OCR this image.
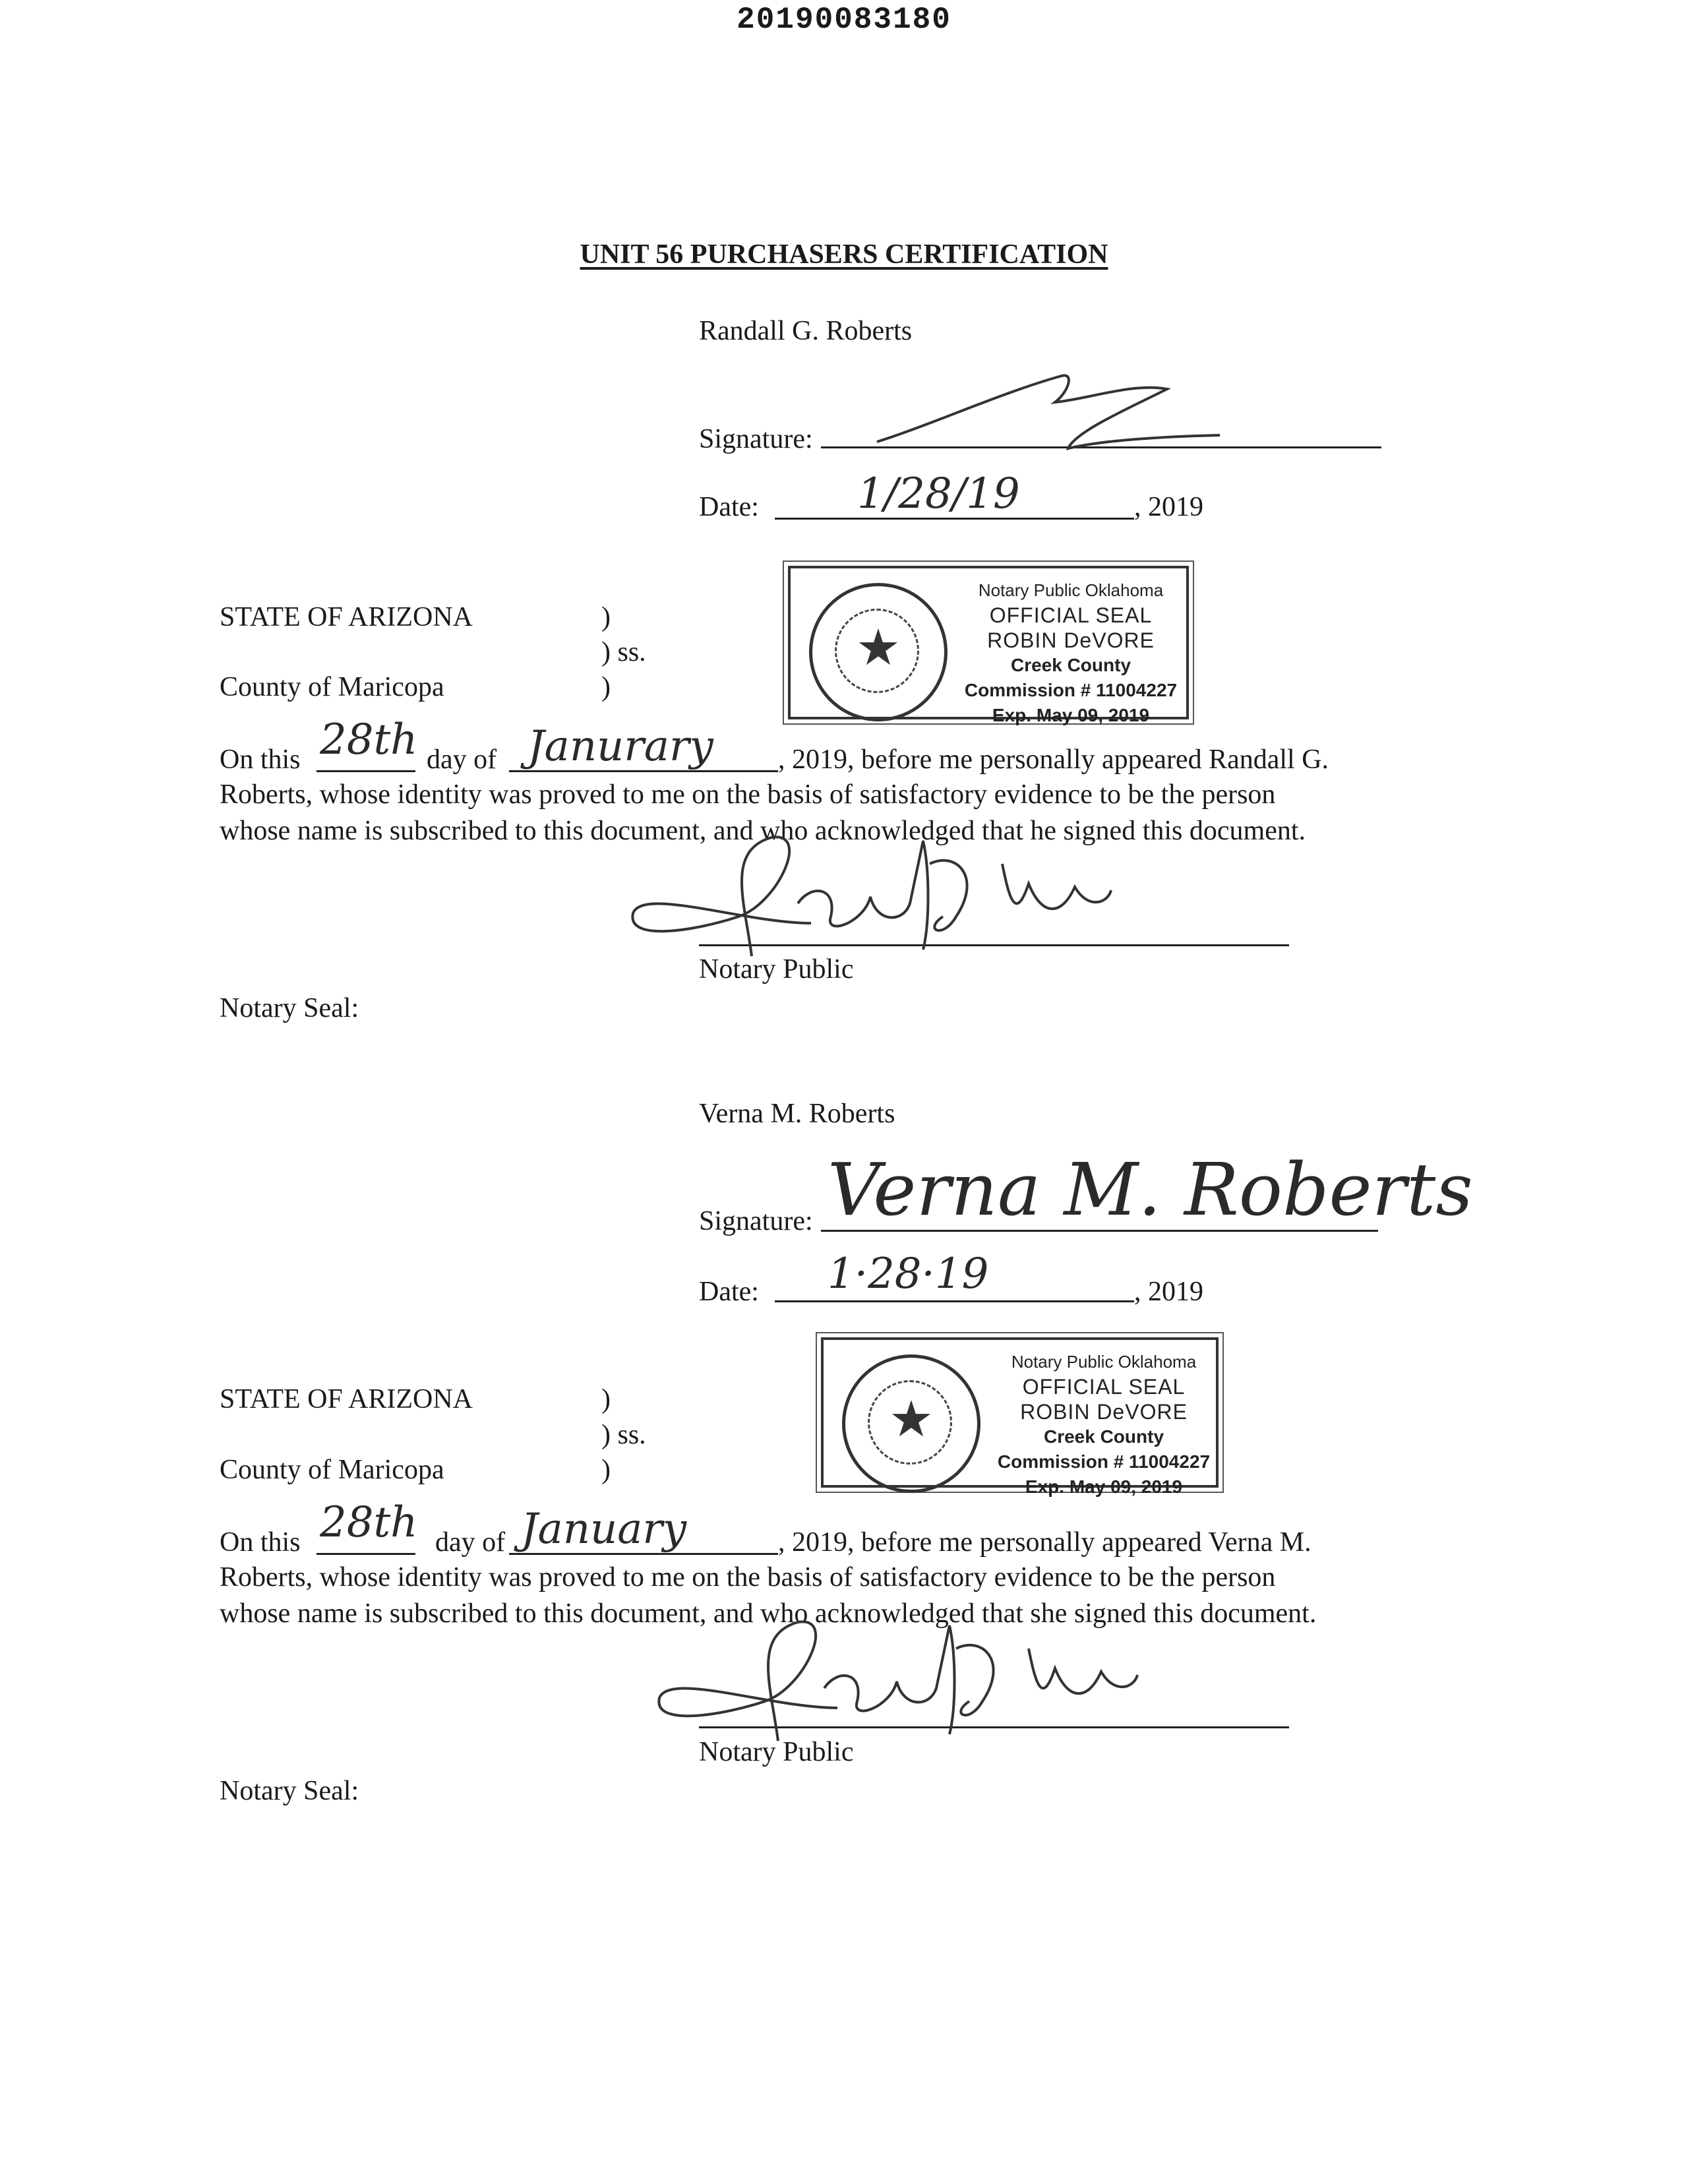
20190083180
UNIT 56 PURCHASERS CERTIFICATION
Randall G. Roberts
Signature:
Date: 1/28/19	, 2019
STATE OF ARIZONA	)
) ss.
County of Maricopa	)
★
Notary Public Oklahoma
OFFICIAL SEAL
ROBIN DeVORE
Creek County
Commission # 11004227
Exp. May 09, 2019
On this 28th day of Janurary , 2019, before me personally appeared Randall G.
Roberts, whose identity was proved to me on the basis of satisfactory evidence to be the person
whose name is subscribed to this document, and who acknowledged that he signed this document.
Notary Public
Notary Seal:
Verna M. Roberts
Signature: Verna M. Roberts
Date: 1·28·19	, 2019
STATE OF ARIZONA	)
) ss.
County of Maricopa	)
★
Notary Public Oklahoma
OFFICIAL SEAL
ROBIN DeVORE
Creek County
Commission # 11004227
Exp. May 09, 2019
On this 28th day of January	, 2019, before me personally appeared Verna M.
Roberts, whose identity was proved to me on the basis of satisfactory evidence to be the person
whose name is subscribed to this document, and who acknowledged that she signed this document.
Notary Public
Notary Seal:
